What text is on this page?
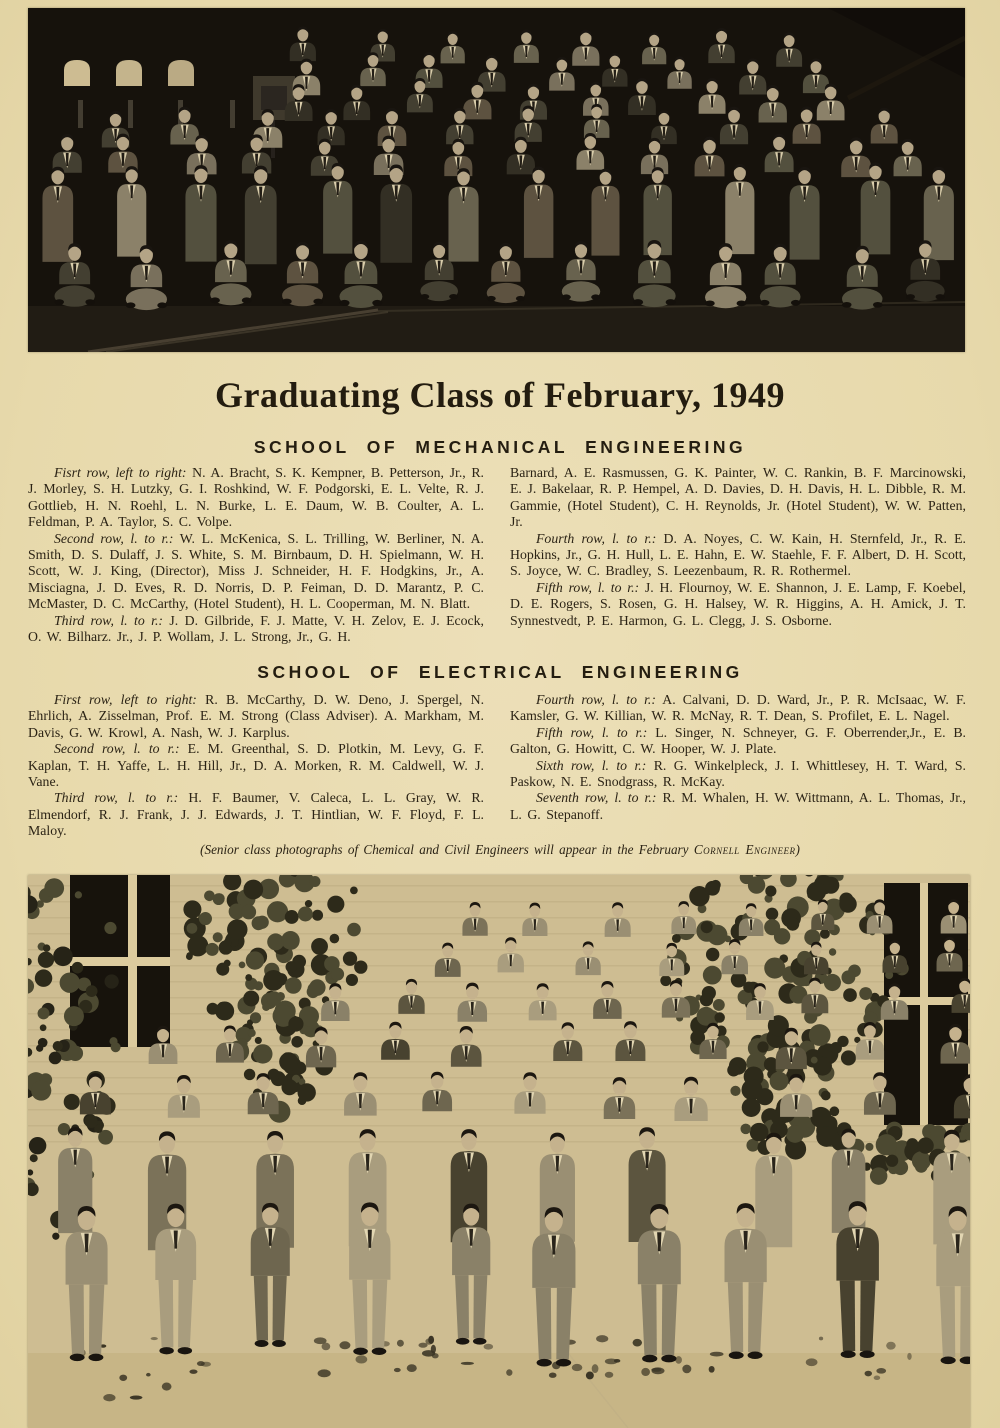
Graduating Class of February, 1949
SCHOOL OF MECHANICAL ENGINEERING

Fisrt row, left to right: N. A. Bracht, S. K. Kempner, B. Petterson, Jr., R. J. Morley, S. H. Lutzky, G. I. Roshkind, W. F. Podgorski, E. L. Velte, R. J. Gottlieb, H. N. Roehl, L. N. Burke, L. E. Daum, W. B. Coulter, A. L. Feldman, P. A. Taylor, S. C. Volpe.

Second row, l. to r.: W. L. McKenica, S. L. Trilling, W. Berliner, N. A. Smith, D. S. Dulaff, J. S. White, S. M. Birnbaum, D. H. Spielmann, W. H. Scott, W. J. King, (Director), Miss J. Schneider, H. F. Hodgkins, Jr., A. Misciagna, J. D. Eves, R. D. Norris, D. P. Feiman, D. D. Marantz, P. C. McMaster, D. C. McCarthy, (Hotel Student), H. L. Cooperman, M. N. Blatt.

Third row, l. to r.: J. D. Gilbride, F. J. Matte, V. H. Zelov, E. J. Ecock, O. W. Bilharz. Jr., J. P. Wollam, J. L. Strong, Jr., G. H.

Barnard, A. E. Rasmussen, G. K. Painter, W. C. Rankin, B. F. Marcinowski, E. J. Bakelaar, R. P. Hempel, A. D. Davies, D. H. Davis, H. L. Dibble, R. M. Gammie, (Hotel Student), C. H. Reynolds, Jr. (Hotel Student), W. W. Patten, Jr.

Fourth row, l. to r.: D. A. Noyes, C. W. Kain, H. Sternfeld, Jr., R. E. Hopkins, Jr., G. H. Hull, L. E. Hahn, E. W. Staehle, F. F. Albert, D. H. Scott, S. Joyce, W. C. Bradley, S. Leezenbaum, R. R. Rothermel.

Fifth row, l. to r.: J. H. Flournoy, W. E. Shannon, J. E. Lamp, F. Koebel, D. E. Rogers, S. Rosen, G. H. Halsey, W. R. Higgins, A. H. Amick, J. T. Synnestvedt, P. E. Harmon, G. L. Clegg, J. S. Osborne.

SCHOOL OF ELECTRICAL ENGINEERING

First row, left to right: R. B. McCarthy, D. W. Deno, J. Spergel, N. Ehrlich, A. Zisselman, Prof. E. M. Strong (Class Adviser). A. Markham, M. Davis, G. W. Krowl, A. Nash, W. J. Karplus.

Second row, l. to r.: E. M. Greenthal, S. D. Plotkin, M. Levy, G. F. Kaplan, T. H. Yaffe, L. H. Hill, Jr., D. A. Morken, R. M. Caldwell, W. J. Vane.

Third row, l. to r.: H. F. Baumer, V. Caleca, L. L. Gray, W. R. Elmendorf, R. J. Frank, J. J. Edwards, J. T. Hintlian, W. F. Floyd, F. L. Maloy.

Fourth row, l. to r.: A. Calvani, D. D. Ward, Jr., P. R. McIsaac, W. F. Kamsler, G. W. Killian, W. R. McNay, R. T. Dean, S. Profilet, E. L. Nagel.

Fifth row, l. to r.: L. Singer, N. Schneyer, G. F. Oberrender,Jr., E. B. Galton, G. Howitt, C. W. Hooper, W. J. Plate.

Sixth row, l. to r.: R. G. Winkelpleck, J. I. Whittlesey, H. T. Ward, S. Paskow, N. E. Snodgrass, R. McKay.

Seventh row, l. to r.: R. M. Whalen, H. W. Wittmann, A. L. Thomas, Jr., L. G. Stepanoff.

(Senior class photographs of Chemical and Civil Engineers will appear in the February Cornell Engineer)
